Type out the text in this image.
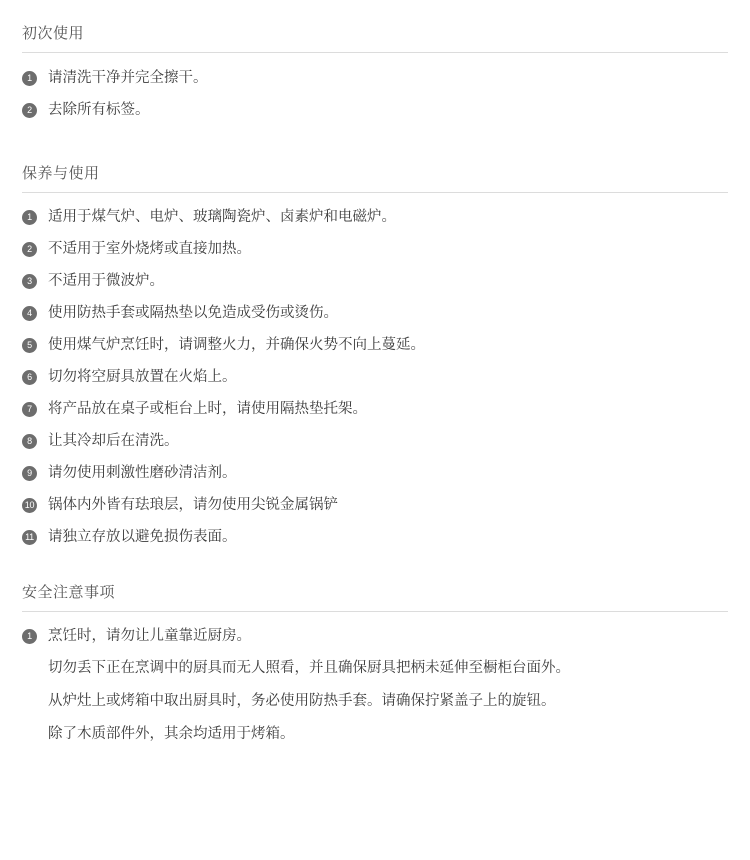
初次使用
1	请清洗干净并完全擦干。
2	去除所有标签。
保养与使用
1	适用于煤气炉、电炉、玻璃陶瓷炉、卤素炉和电磁炉。
2	不适用于室外烧烤或直接加热。
3	不适用于微波炉。
4	使用防热手套或隔热垫以免造成受伤或烫伤。
5	使用煤气炉烹饪时，请调整火力，并确保火势不向上蔓延。
6	切勿将空厨具放置在火焰上。
7	将产品放在桌子或柜台上时，请使用隔热垫托架。
8	让其冷却后在清洗。
9	请勿使用刺激性磨砂清洁剂。
10 锅体内外皆有珐琅层，请勿使用尖锐金属锅铲
11 请独立存放以避免损伤表面。
安全注意事项
1	烹饪时，请勿让儿童靠近厨房。
切勿丢下正在烹调中的厨具而无人照看，并且确保厨具把柄未延伸至橱柜台面外。
从炉灶上或烤箱中取出厨具时，务必使用防热手套。请确保拧紧盖子上的旋钮。
除了木质部件外，其余均适用于烤箱。
